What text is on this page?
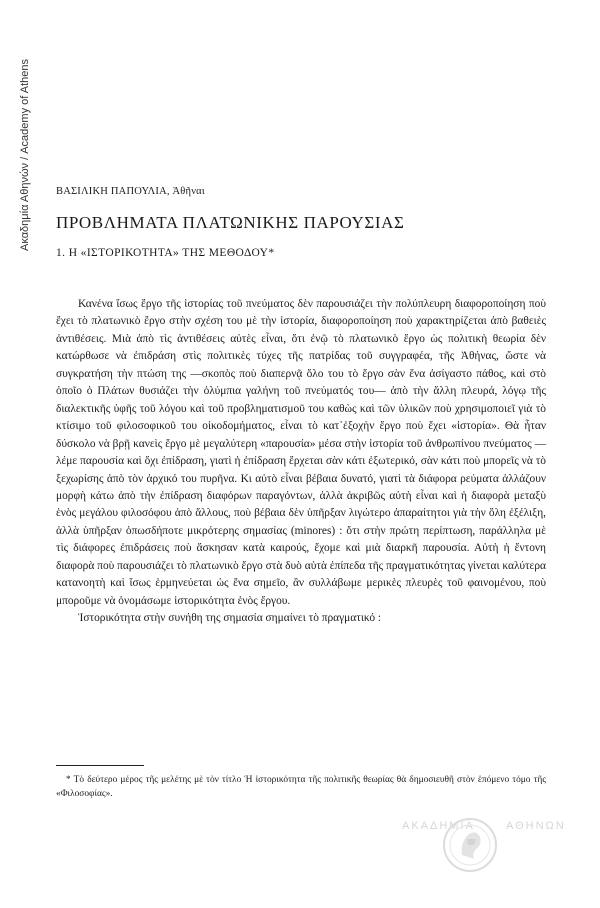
Ακαδημία Αθηνών / Academy of Athens	ΒΑΣΙΛΙΚΗ ΠΑΠΟΥΛΙΑ, Ἀθῆναι
ΠΡΟΒΛΗΜΑΤΑ ΠΛΑΤΩΝΙΚΗΣ ΠΑΡΟΥΣΙΑΣ
1. Η «ΙΣΤΟΡΙΚΟΤΗΤΑ» ΤΗΣ ΜΕΘΟΔΟΥ*

Κανένα ἴσως ἔργο τῆς ἱστορίας τοῦ πνεύματος δὲν παρουσιάζει τὴν πολύπλευρη διαφοροποίηση ποὺ ἔχει τὸ πλατωνικὸ ἔργο στὴν σχέση του μὲ τὴν ἱστορία, διαφοροποίηση ποὺ χαρακτηρίζεται ἀπὸ βαθειὲς ἀντιθέσεις. Μιὰ ἀπὸ τὶς ἀντιθέσεις αὐτὲς εἶναι, ὅτι ἐνῷ τὸ πλατωνικὸ ἔργο ὡς πολιτικὴ θεωρία δὲν κατώρθωσε νὰ ἐπιδράση στὶς πολιτικὲς τύχες τῆς πατρίδας τοῦ συγγραφέα, τῆς Ἀθήνας, ὥστε νὰ συγκρατήση τὴν πτώση της —σκοπὸς ποὺ διαπερνᾷ ὅλο του τὸ ἔργο σὰν ἕνα ἀσίγαστο πάθος, καὶ στὸ ὁποῖο ὁ Πλάτων θυσιάζει τὴν ὀλύμπια γαλήνη τοῦ πνεύματός του— ἀπὸ τὴν ἄλλη πλευρά, λόγῳ τῆς διαλεκτικῆς ὑφῆς τοῦ λόγου καὶ τοῦ προβληματισμοῦ του καθὼς καὶ τῶν ὑλικῶν ποὺ χρησιμοποιεῖ γιὰ τὸ κτίσιμο τοῦ φιλοσοφικοῦ του οἰκοδομήματος, εἶναι τὸ κατ᾿ἐξοχὴν ἔργο ποὺ ἔχει «ἱστορία». Θὰ ἦταν δύσκολο νὰ βρῇ κανεὶς ἔργο μὲ μεγαλύτερη «παρουσία» μέσα στὴν ἱστορία τοῦ ἀνθρωπίνου πνεύματος — λέμε παρουσία καὶ ὄχι ἐπίδραση, γιατὶ ἡ ἐπίδραση ἔρχεται σὰν κάτι ἐξωτερικό, σὰν κάτι ποὺ μπορεῖς νὰ τὸ ξεχωρίσης ἀπὸ τὸν ἀρχικό του πυρῆνα. Κι αὐτὸ εἶναι βέβαια δυνατό, γιατὶ τὰ διάφορα ρεύματα ἀλλάζουν μορφὴ κάτω ἀπὸ τὴν ἐπίδραση διαφόρων παραγόντων, ἀλλὰ ἀκριβῶς αὐτὴ εἶναι καὶ ἡ διαφορὰ μεταξὺ ἑνὸς μεγάλου φιλοσόφου ἀπὸ ἄλλους, ποὺ βέβαια δὲν ὑπῆρξαν λιγώτερο ἀπαραίτητοι γιὰ τὴν ὅλη ἐξέλιξη, ἀλλὰ ὑπῆρξαν ὁπωσδήποτε μικρότερης σημασίας (minores) : ὅτι στὴν πρώτη περίπτωση, παράλληλα μὲ τὶς διάφορες ἐπιδράσεις ποὺ ἄσκησαν κατὰ καιρούς, ἔχομε καὶ μιὰ διαρκῆ παρουσία. Αὐτὴ ἡ ἔντονη διαφορὰ ποὺ παρουσιάζει τὸ πλατωνικὸ ἔργο στὰ δυὸ αὐτὰ ἐπίπεδα τῆς πραγματικότητας γίνεται καλύτερα κατανοητὴ καὶ ἴσως ἑρμηνεύεται ὡς ἕνα σημεῖο, ἂν συλλάβωμε μερικὲς πλευρὲς τοῦ φαινομένου, ποὺ μποροῦμε νὰ ὀνομάσωμε ἱστορικότητα ἑνὸς ἔργου.

Ἱστορικότητα στὴν συνήθη της σημασία σημαίνει τὸ πραγματικό :

* Τὸ δεύτερο μέρος τῆς μελέτης μὲ τὸν τίτλο Ἡ ἱστορικότητα τῆς πολιτικῆς θεωρίας θὰ δημοσιευθῆ στὸν ἑπόμενο τόμο τῆς «Φιλοσοφίας».

ΑΚΑΔΗΜΙΑ	ΑΘΗΝΩΝ
